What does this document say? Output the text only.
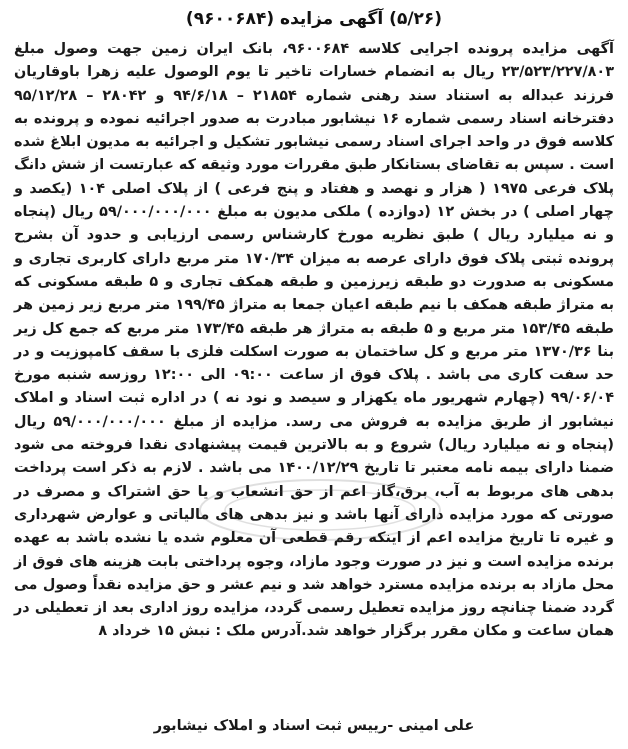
(۵/۲۶) آگهی مزایده (۹۶۰۰۶۸۴)

آگهی مزایده پرونده اجرایی کلاسه ۹۶۰۰۶۸۴، بانک ایران زمین جهت وصول مبلغ ۲۳/۵۲۳/۲۲۷/۸۰۳ ریال به انضمام خسارات تاخیر تا یوم الوصول علیه زهرا باوقاریان فرزند عبداله به استناد سند رهنی شماره ۲۱۸۵۴ – ۹۴/۶/۱۸ و ۲۸۰۴۲ – ۹۵/۱۲/۲۸ دفترخانه اسناد رسمی شماره ۱۶ نیشابور مبادرت به صدور اجرائیه نموده و پرونده به کلاسه فوق در واحد اجرای اسناد رسمی نیشابور تشکیل و اجرائیه به مدیون ابلاغ شده است . سپس به تقاضای بستانکار طبق مقررات مورد وثیقه که عبارتست از شش دانگ پلاک فرعی ۱۹۷۵ ( هزار و نهصد و هفتاد و پنج فرعی ) از پلاک اصلی ۱۰۴ (یکصد و چهار اصلی ) در بخش ۱۲ (دوازده ) ملکی مدیون به مبلغ ۵۹/۰۰۰/۰۰۰/۰۰۰ ریال (پنجاه و نه میلیارد ریال ) طبق نظریه مورخ کارشناس رسمی ارزیابی و حدود آن بشرح پرونده ثبتی پلاک فوق دارای عرصه به میزان ۱۷۰/۳۴ متر مربع دارای کاربری تجاری و مسکونی به صدورت دو طبقه زیرزمین و طبقه همکف تجاری و ۵ طبقه مسکونی که به متراژ طبقه همکف با نیم طبقه اعیان جمعا به متراژ ۱۹۹/۴۵ متر مربع زیر زمین هر طبقه ۱۵۳/۴۵ متر مربع و ۵ طبقه به متراژ هر طبقه ۱۷۳/۴۵ متر مربع که جمع کل زیر بنا ۱۳۷۰/۳۶ متر مربع و کل ساختمان به صورت اسکلت فلزی با سقف کامپوزیت و در حد سفت کاری می باشد . پلاک فوق از ساعت ۰۹:۰۰ الی ۱۲:۰۰ روزسه شنبه مورخ ۹۹/۰۶/۰۴ (چهارم شهریور ماه یکهزار و سیصد و نود نه ) در اداره ثبت اسناد و املاک نیشابور از طریق مزایده به فروش می رسد. مزایده از مبلغ ۵۹/۰۰۰/۰۰۰/۰۰۰ ریال (پنجاه و نه میلیارد ریال) شروع و به بالاترین قیمت پیشنهادی نقدا فروخته می شود ضمنا دارای بیمه نامه معتبر تا تاریخ ۱۴۰۰/۱۲/۲۹ می باشد . لازم به ذکر است پرداخت بدهی های مربوط به آب، برق،گاز اعم از حق انشعاب و یا حق اشتراک و مصرف در صورتی که مورد مزایده دارای آنها باشد و نیز بدهی های مالیاتی و عوارض شهرداری و غیره تا تاریخ مزایده اعم از اینکه رقم قطعی آن معلوم شده یا نشده باشد به عهده برنده مزایده است و نیز در صورت وجود مازاد، وجوه پرداختی بابت هزینه های فوق از محل مازاد به برنده مزایده مسترد خواهد شد و نیم عشر و حق مزایده نقداً وصول می گردد ضمنا چنانچه روز مزایده تعطیل رسمی گردد، مزایده روز اداری بعد از تعطیلی در همان ساعت و مکان مقرر برگزار خواهد شد.آدرس ملک : نبش ۱۵ خرداد ۸

علی امینی -رییس ثبت اسناد و املاک نیشابور
